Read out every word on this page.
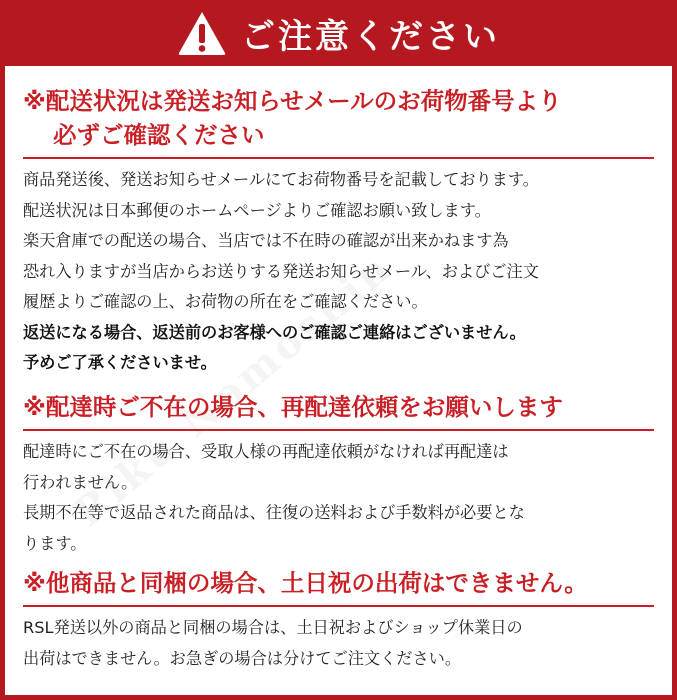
ご注意ください
※配送状況は発送お知らせメールのお荷物番号より
必ずご確認ください

商品発送後、発送お知らせメールにてお荷物番号を記載しております。

配送状況は日本郵便のホームページよりご確認お願い致します。

楽天倉庫での配送の場合、当店では不在時の確認が出来かねます為

恐れ入りますが当店からお送りする発送お知らせメール、およびご注文

履歴よりご確認の上、お荷物の所在をご確認ください。

返送になる場合、返送前のお客様へのご確認ご連絡はございません。

予めご了承くださいませ。

※配達時ご不在の場合、再配達依頼をお願いします

配達時にご不在の場合、受取人様の再配達依頼がなければ再配達は

行われません。

長期不在等で返品された商品は、往復の送料および手数料が必要とな

ります。

※他商品と同梱の場合、土日祝の出荷はできません。

RSL発送以外の商品と同梱の場合は、土日祝およびショップ休業日の

出荷はできません。お急ぎの場合は分けてご注文ください。
